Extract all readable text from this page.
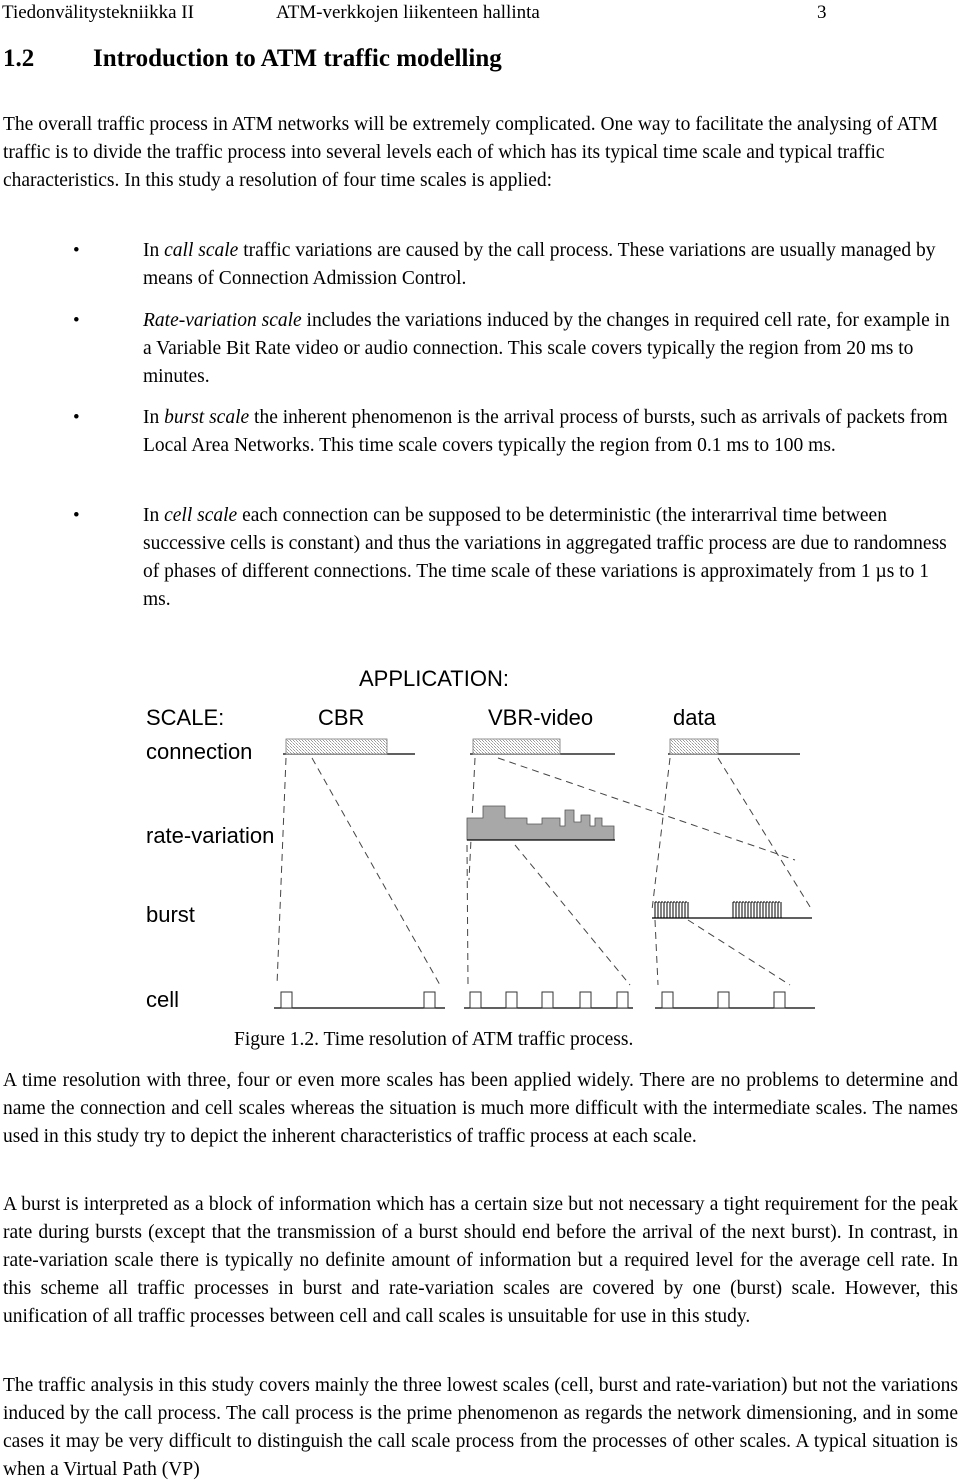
Tiedonvälitystekniikka II	ATM-verkkojen liikenteen hallinta	3
1.2 Introduction to ATM traffic modelling
The overall traffic process in ATM networks will be extremely complicated. One way to facilitate the analysing of ATM traffic is to divide the traffic process into several levels each of which has its typical time scale and typical traffic characteristics. In this study a resolution of four time scales is applied:
•	In call scale traffic variations are caused by the call process. These variations are usually managed by means of Connection Admission Control.
•	Rate-variation scale includes the variations induced by the changes in required cell rate, for example in a Variable Bit Rate video or audio connection. This scale covers typically the region from 20 ms to minutes.
•	In burst scale the inherent phenomenon is the arrival process of bursts, such as arrivals of packets from Local Area Networks. This time scale covers typically the region from 0.1 ms to 100 ms.
•	In cell scale each connection can be supposed to be deterministic (the interarrival time between successive cells is constant) and thus the variations in aggregated traffic process are due to randomness of phases of different connections. The time scale of these variations is approximately from 1 µs to 1 ms.
APPLICATION:
SCALE:	CBR	VBR-video	data
connection
rate-variation
burst
cell
Figure 1.2. Time resolution of ATM traffic process.
A time resolution with three, four or even more scales has been applied widely. There are no problems to determine and name the connection and cell scales whereas the situation is much more difficult with the intermediate scales. The names used in this study try to depict the inherent characteristics of traffic process at each scale.
A burst is interpreted as a block of information which has a certain size but not necessary a tight requirement for the peak rate during bursts (except that the transmission of a burst should end before the arrival of the next burst). In contrast, in rate-variation scale there is typically no definite amount of information but a required level for the average cell rate. In this scheme all traffic processes in burst and rate-variation scales are covered by one (burst) scale. However, this unification of all traffic processes between cell and call scales is unsuitable for use in this study.
The traffic analysis in this study covers mainly the three lowest scales (cell, burst and rate-variation) but not the variations induced by the call process. The call process is the prime phenomenon as regards the network dimensioning, and in some cases it may be very difficult to distinguish the call scale process from the processes of other scales. A typical situation is when a Virtual Path (VP)
